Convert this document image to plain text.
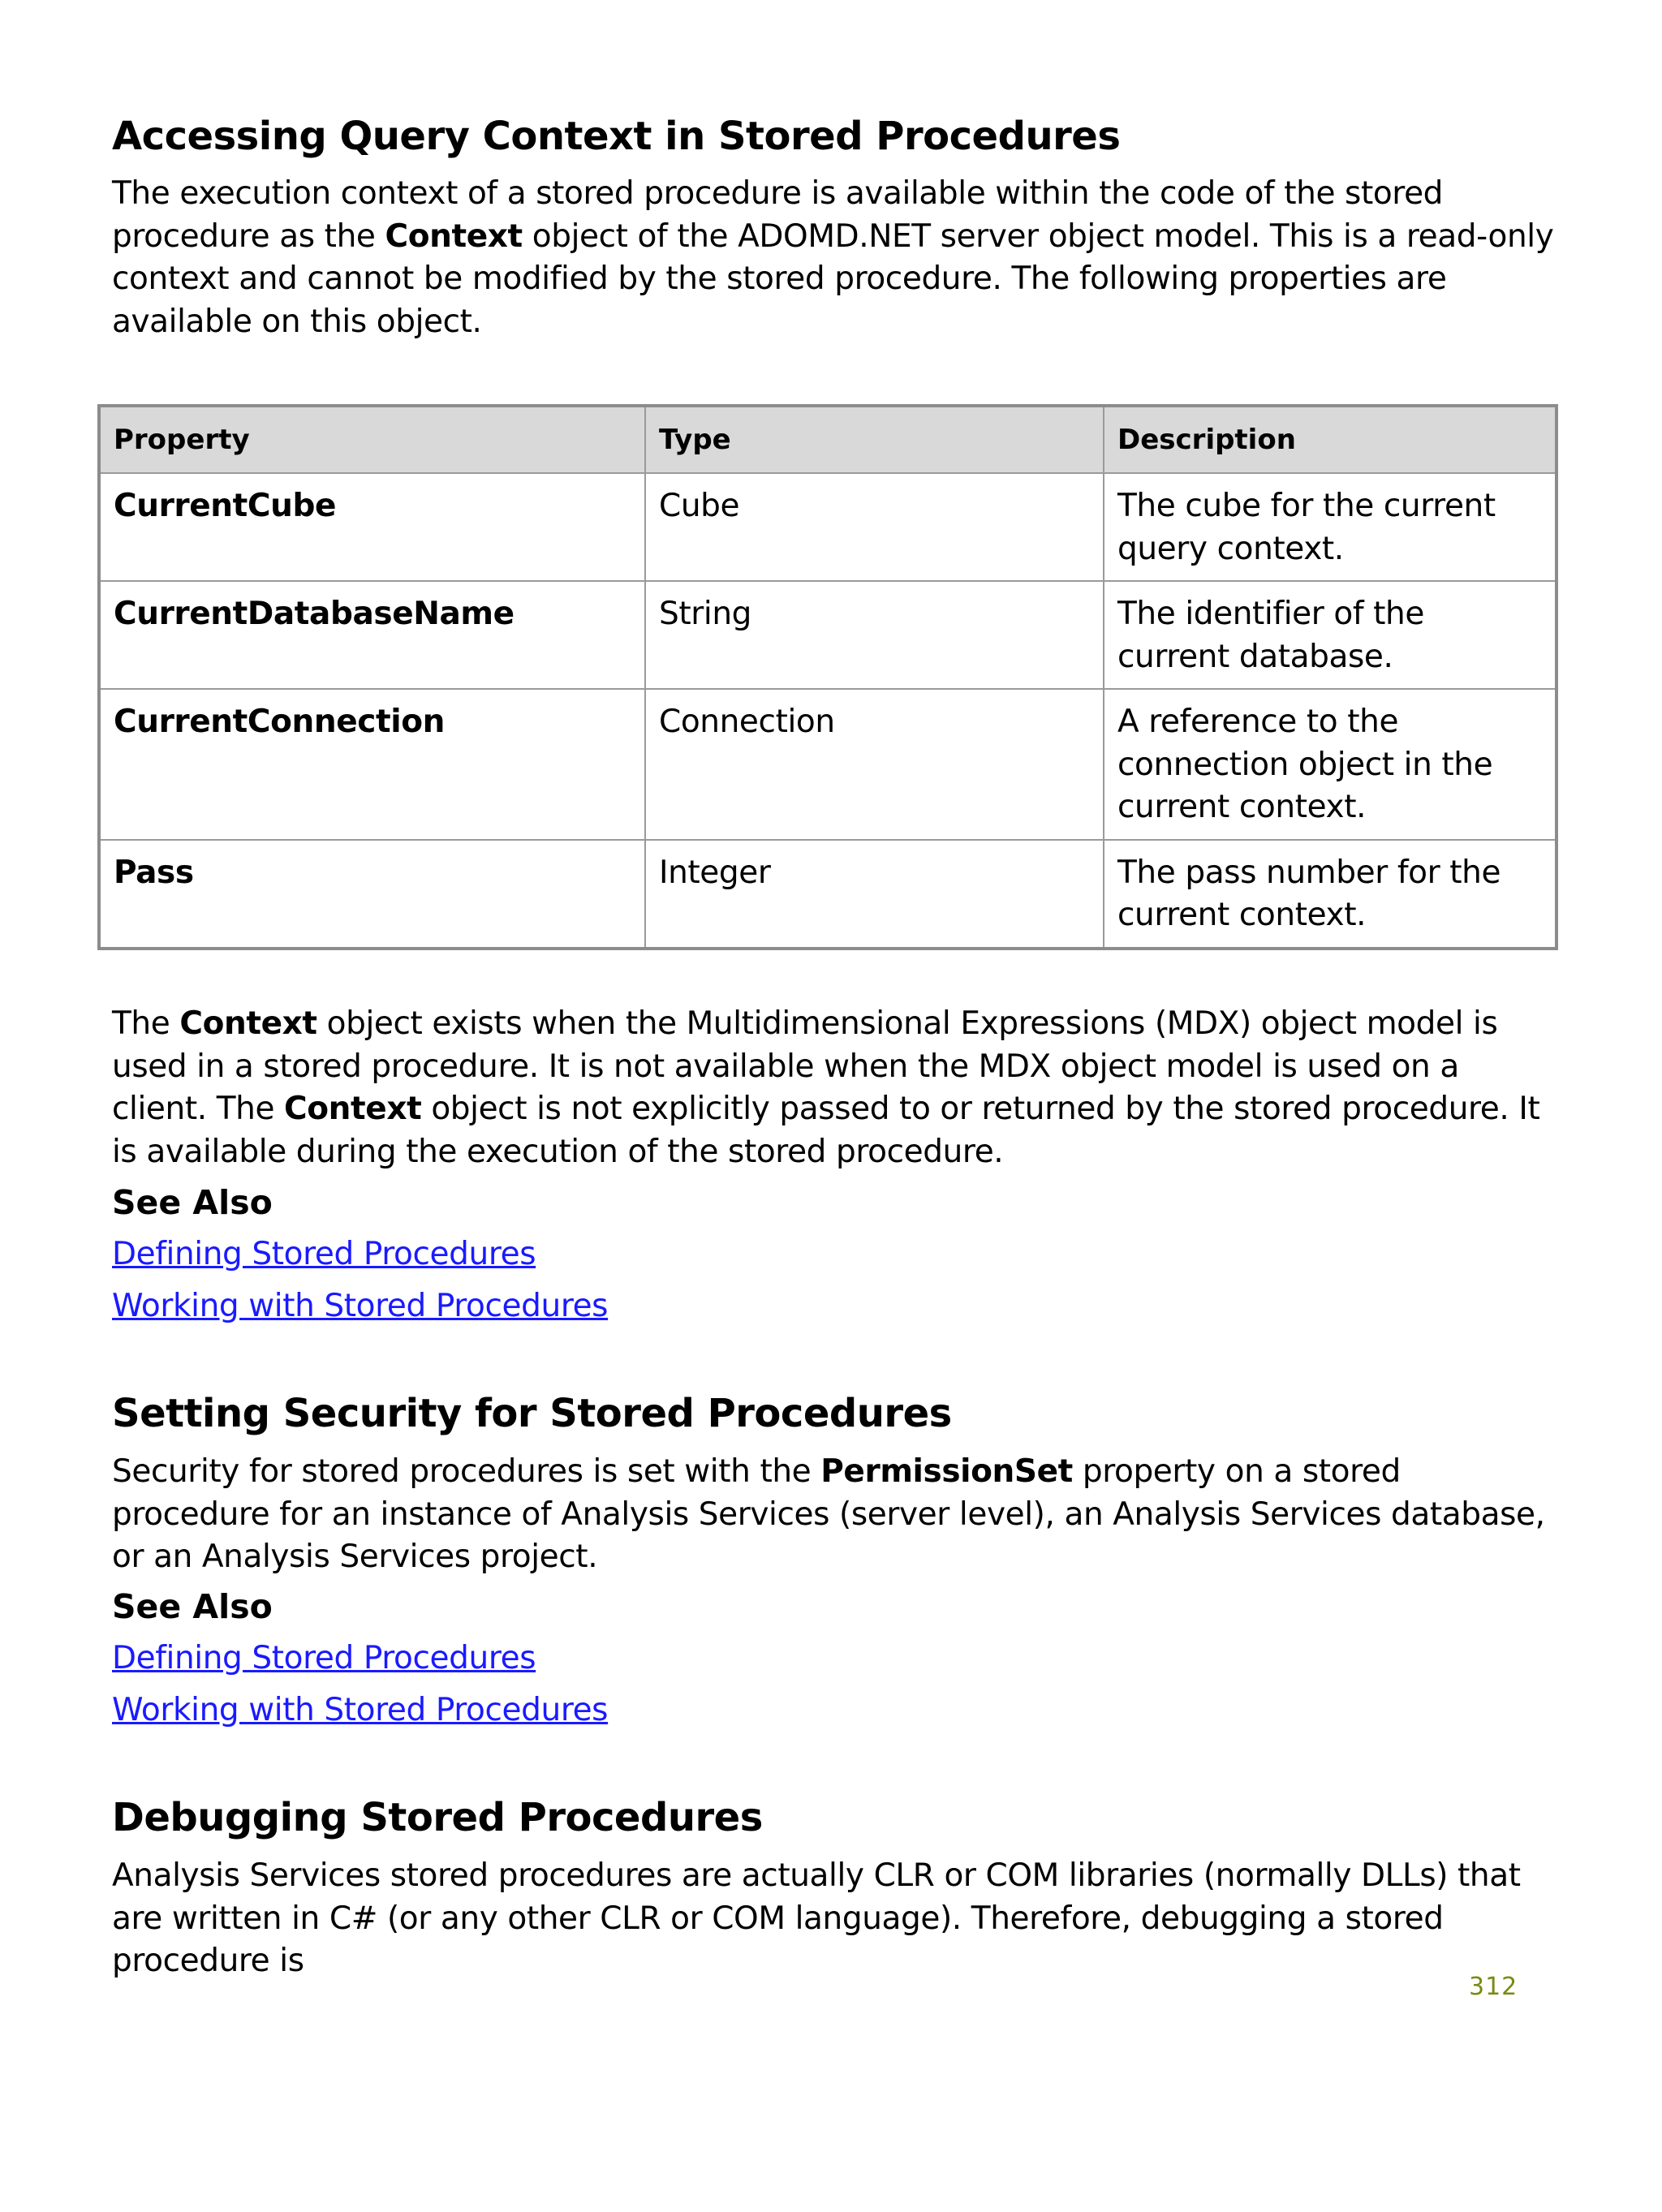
Accessing Query Context in Stored Procedures

The execution context of a stored procedure is available within the code of the stored procedure as the Context object of the ADOMD.NET server object model. This is a read-only context and cannot be modified by the stored procedure. The following properties are available on this object.

Property	Type	Description
CurrentCube	Cube	The cube for the current query context.
CurrentDatabaseName	String	The identifier of the current database.
CurrentConnection	Connection	A reference to the connection object in the current context.
Pass	Integer	The pass number for the current context.

The Context object exists when the Multidimensional Expressions (MDX) object model is used in a stored procedure. It is not available when the MDX object model is used on a client. The Context object is not explicitly passed to or returned by the stored procedure. It is available during the execution of the stored procedure.

See Also
Defining Stored Procedures
Working with Stored Procedures
Setting Security for Stored Procedures

Security for stored procedures is set with the PermissionSet property on a stored procedure for an instance of Analysis Services (server level), an Analysis Services database, or an Analysis Services project.

See Also
Defining Stored Procedures
Working with Stored Procedures
Debugging Stored Procedures

Analysis Services stored procedures are actually CLR or COM libraries (normally DLLs) that are written in C# (or any other CLR or COM language). Therefore, debugging a stored procedure is

312
